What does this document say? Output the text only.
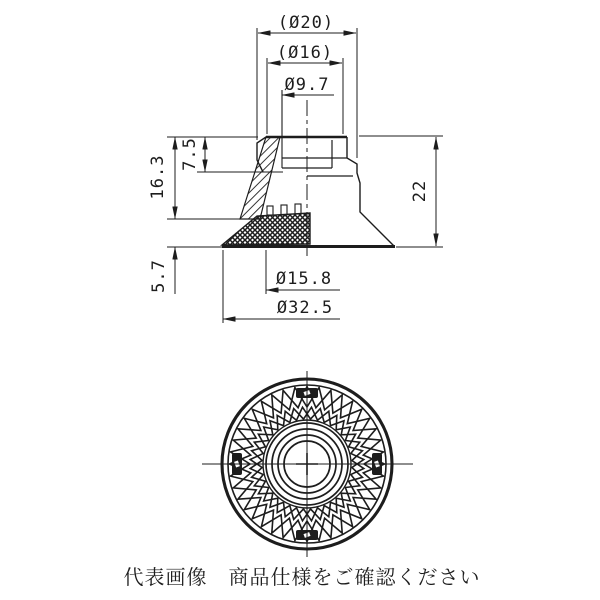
(Ø20)
(Ø16)
Ø9.7
7.5
16.3	22
5.7	Ø15.8
Ø32.5
代表画像　商品仕様をご確認ください
